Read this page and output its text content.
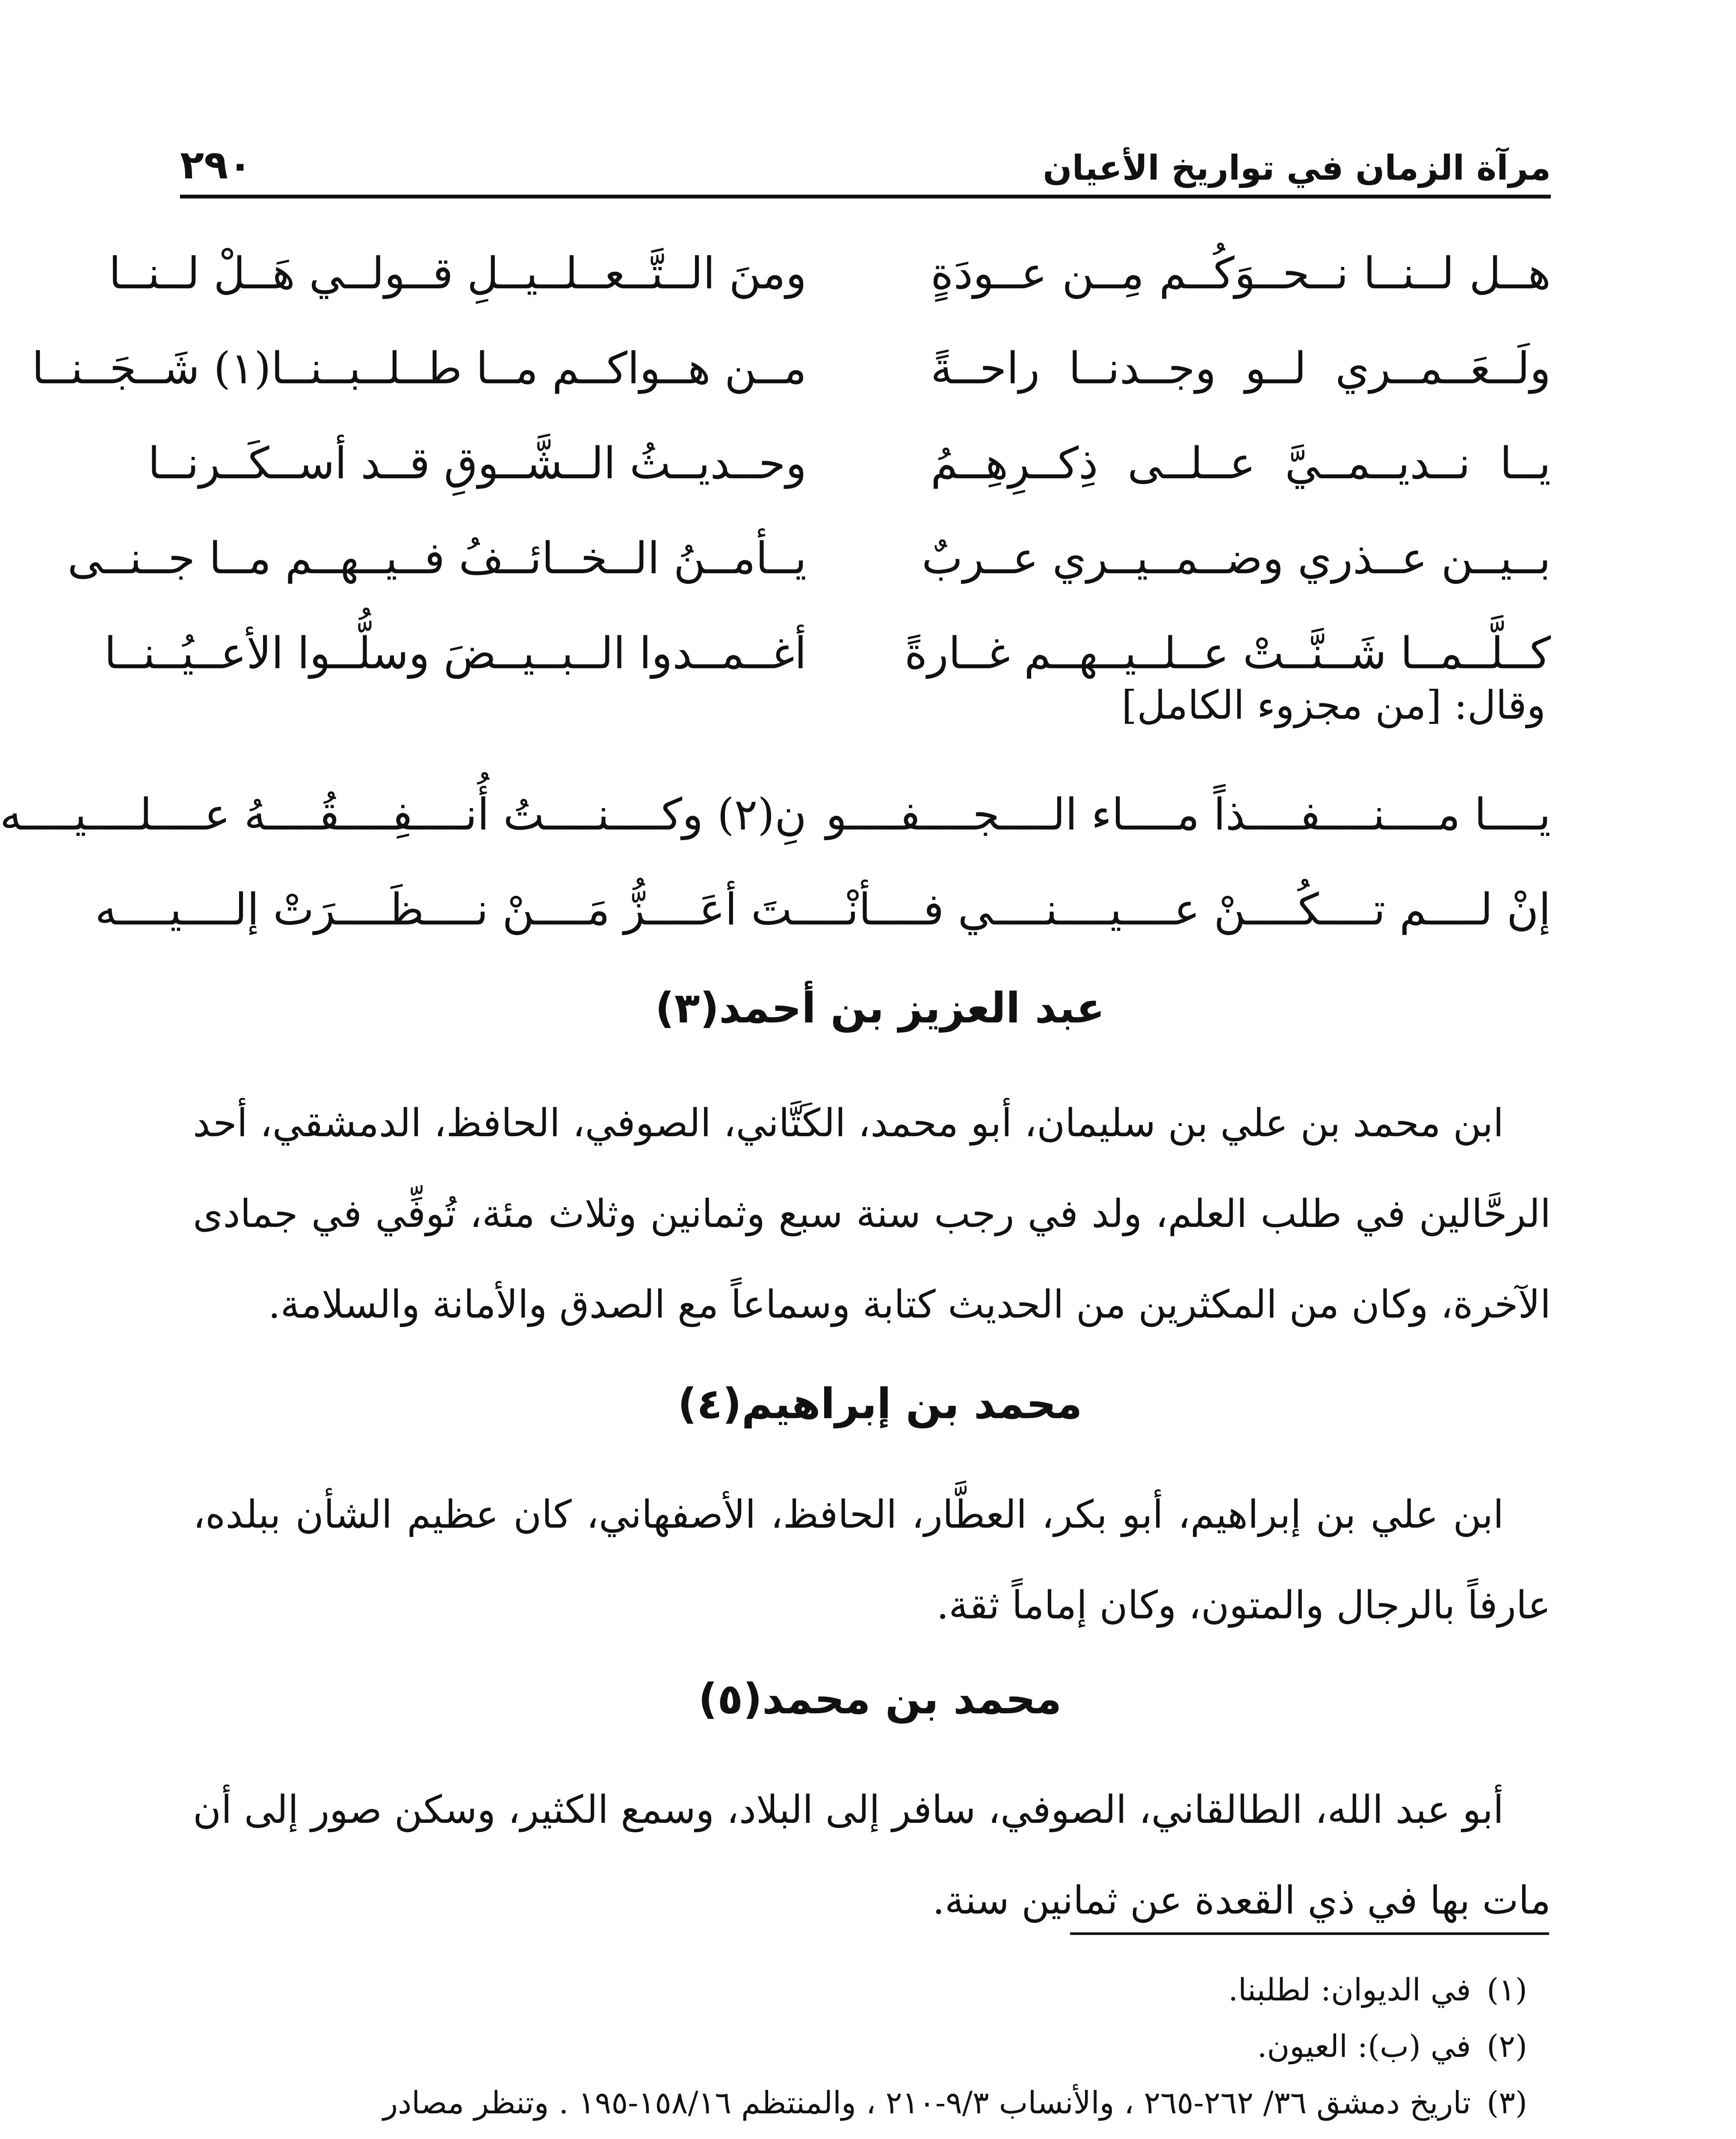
مرآة الزمان في تواريخ الأعيان
٢٩٠
هــل لــنــا نــحــوَكُــم مِــن عــودَةٍ
ومنَ الــتَّــعــلــيــلِ قــولــي هَــلْ لــنــا
ولَــعَــمــري لــو وجــدنــا راحــةً
مــن هــواكــم مــا طــلــبــنــا(١) شَــجَــنــا
يــا نــديــمــيَّ عــلــى ذِكــرِهِــمُ
وحــديــثُ الــشَّــوقِ قــد أســكَــرنــا
بــيــن عــذري وضــمــيــري عــربٌ
يــأمــنُ الــخــائــفُ فــيــهــم مــا جــنــى
كــلَّــمــا شَــنَّــتْ عــلــيــهــم غــارةً
أغــمــدوا الــبــيــضَ وسلُّــوا الأعــيُــنــا
وقال: [من مجزوء الكامل]
يــــا مــــنــــفــــذاً مــــاء الــــجــــفــــو
نِ(٢) وكــــنــــتُ أُنــــفِــــقُــــهُ عــــلــــيــــه
إنْ لــــم تــــكُــــنْ عــــيــــنــــي فــــأنْــــ
ـتَ أعَــــزُّ مَــــنْ نــــظَــــرَتْ إلــــيــــه
عبد العزيز بن أحمد(٣)

ابن محمد بن علي بن سليمان، أبو محمد، الكَتَّاني، الصوفي، الحافظ، الدمشقي، أحد الرحَّالين في طلب العلم، ولد في رجب سنة سبع وثمانين وثلاث مئة، تُوفِّي في جمادى الآخرة، وكان من المكثرين من الحديث كتابة وسماعاً مع الصدق والأمانة والسلامة.

محمد بن إبراهيم(٤)

ابن علي بن إبراهيم، أبو بكر، العطَّار، الحافظ، الأصفهاني، كان عظيم الشأن ببلده، عارفاً بالرجال والمتون، وكان إماماً ثقة.

محمد بن محمد(٥)

أبو عبد الله، الطالقاني، الصوفي، سافر إلى البلاد، وسمع الكثير، وسكن صور إلى أن مات بها في ذي القعدة عن ثمانين سنة.

(١) في الديوان: لطلبنا.
(٢) في (ب): العيون.
(٣) تاريخ دمشق ٣٦/ ٢٦٢-٢٦٥ ، والأنساب ٩/٣-٢١٠ ، والمنتظم ١٥٨/١٦-١٩٥ . وتنظر مصادر
